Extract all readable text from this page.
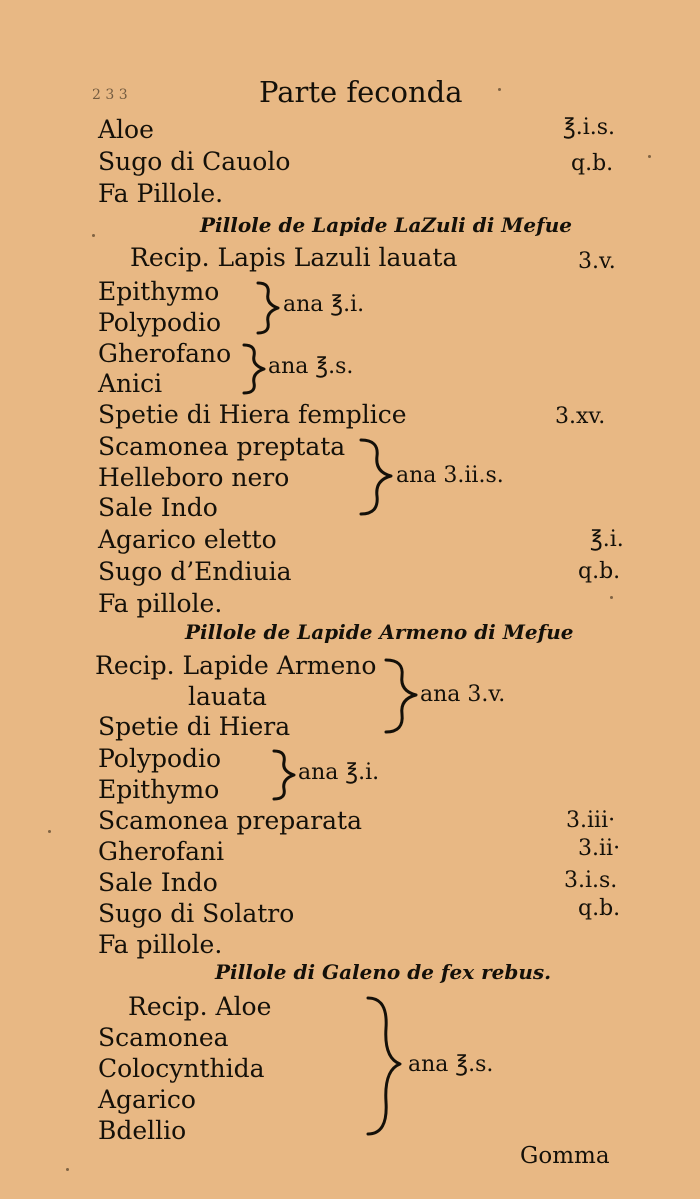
2 3 3	Parte feconda
Aloe	℥.i.s.
Sugo di Cauolo	q.b.
Fa Pillole.
Pillole de Lapide LaZuli di Mefue
Recip. Lapis Lazuli lauata	3.v.
Epithymo
Polypodio
ana ℥.i.
Gherofano
Anici
ana ℥.s.
Spetie di Hiera femplice	3.xv.
Scamonea preptata
Helleboro nero
Sale Indo
ana 3.ii.s.
Agarico eletto	℥.i.
Sugo d’Endiuia	q.b.
Fa pillole.
Pillole de Lapide Armeno di Mefue
Recip. Lapide Armeno
lauata
Spetie di Hiera
ana 3.v.
Polypodio
Epithymo
ana ℥.i.
Scamonea preparata	3.iii·
Gherofani	3.ii·
Sale Indo	3.i.s.
Sugo di Solatro	q.b.
Fa pillole.
Pillole di Galeno de fex rebus.
Recip. Aloe
Scamonea
Colocynthida
Agarico
Bdellio
ana ℥.s.
Gomma
